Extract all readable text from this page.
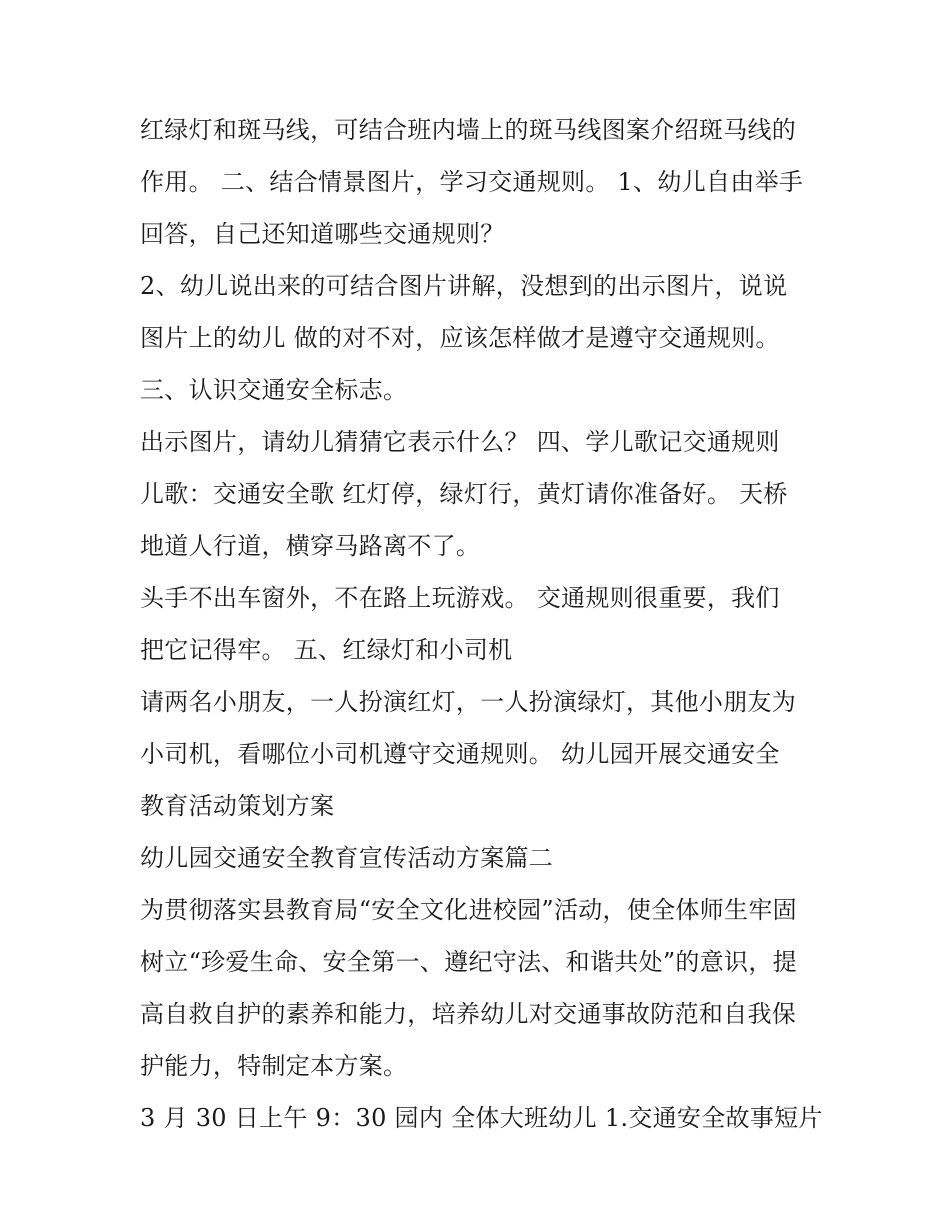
红绿灯和斑马线，可结合班内墙上的斑马线图案介绍斑马线的
作用。 二、结合情景图片，学习交通规则。 1、幼儿自由举手
回答，自己还知道哪些交通规则？
2、幼儿说出来的可结合图片讲解，没想到的出示图片，说说
图片上的幼儿 做的对不对，应该怎样做才是遵守交通规则。
三、认识交通安全标志。
出示图片，请幼儿猜猜它表示什么？ 四、学儿歌记交通规则
儿歌：交通安全歌 红灯停，绿灯行，黄灯请你准备好。 天桥
地道人行道，横穿马路离不了。
头手不出车窗外，不在路上玩游戏。 交通规则很重要，我们
把它记得牢。 五、红绿灯和小司机
请两名小朋友，一人扮演红灯，一人扮演绿灯，其他小朋友为
小司机，看哪位小司机遵守交通规则。 幼儿园开展交通安全
教育活动策划方案
幼儿园交通安全教育宣传活动方案篇二
为贯彻落实县教育局“安全文化进校园”活动，使全体师生牢固
树立“珍爱生命、安全第一、遵纪守法、和谐共处”的意识，提
高自救自护的素养和能力，培养幼儿对交通事故防范和自我保
护能力，特制定本方案。
3 月 30 日上午 9：30 园内 全体大班幼儿 1.交通安全故事短片
